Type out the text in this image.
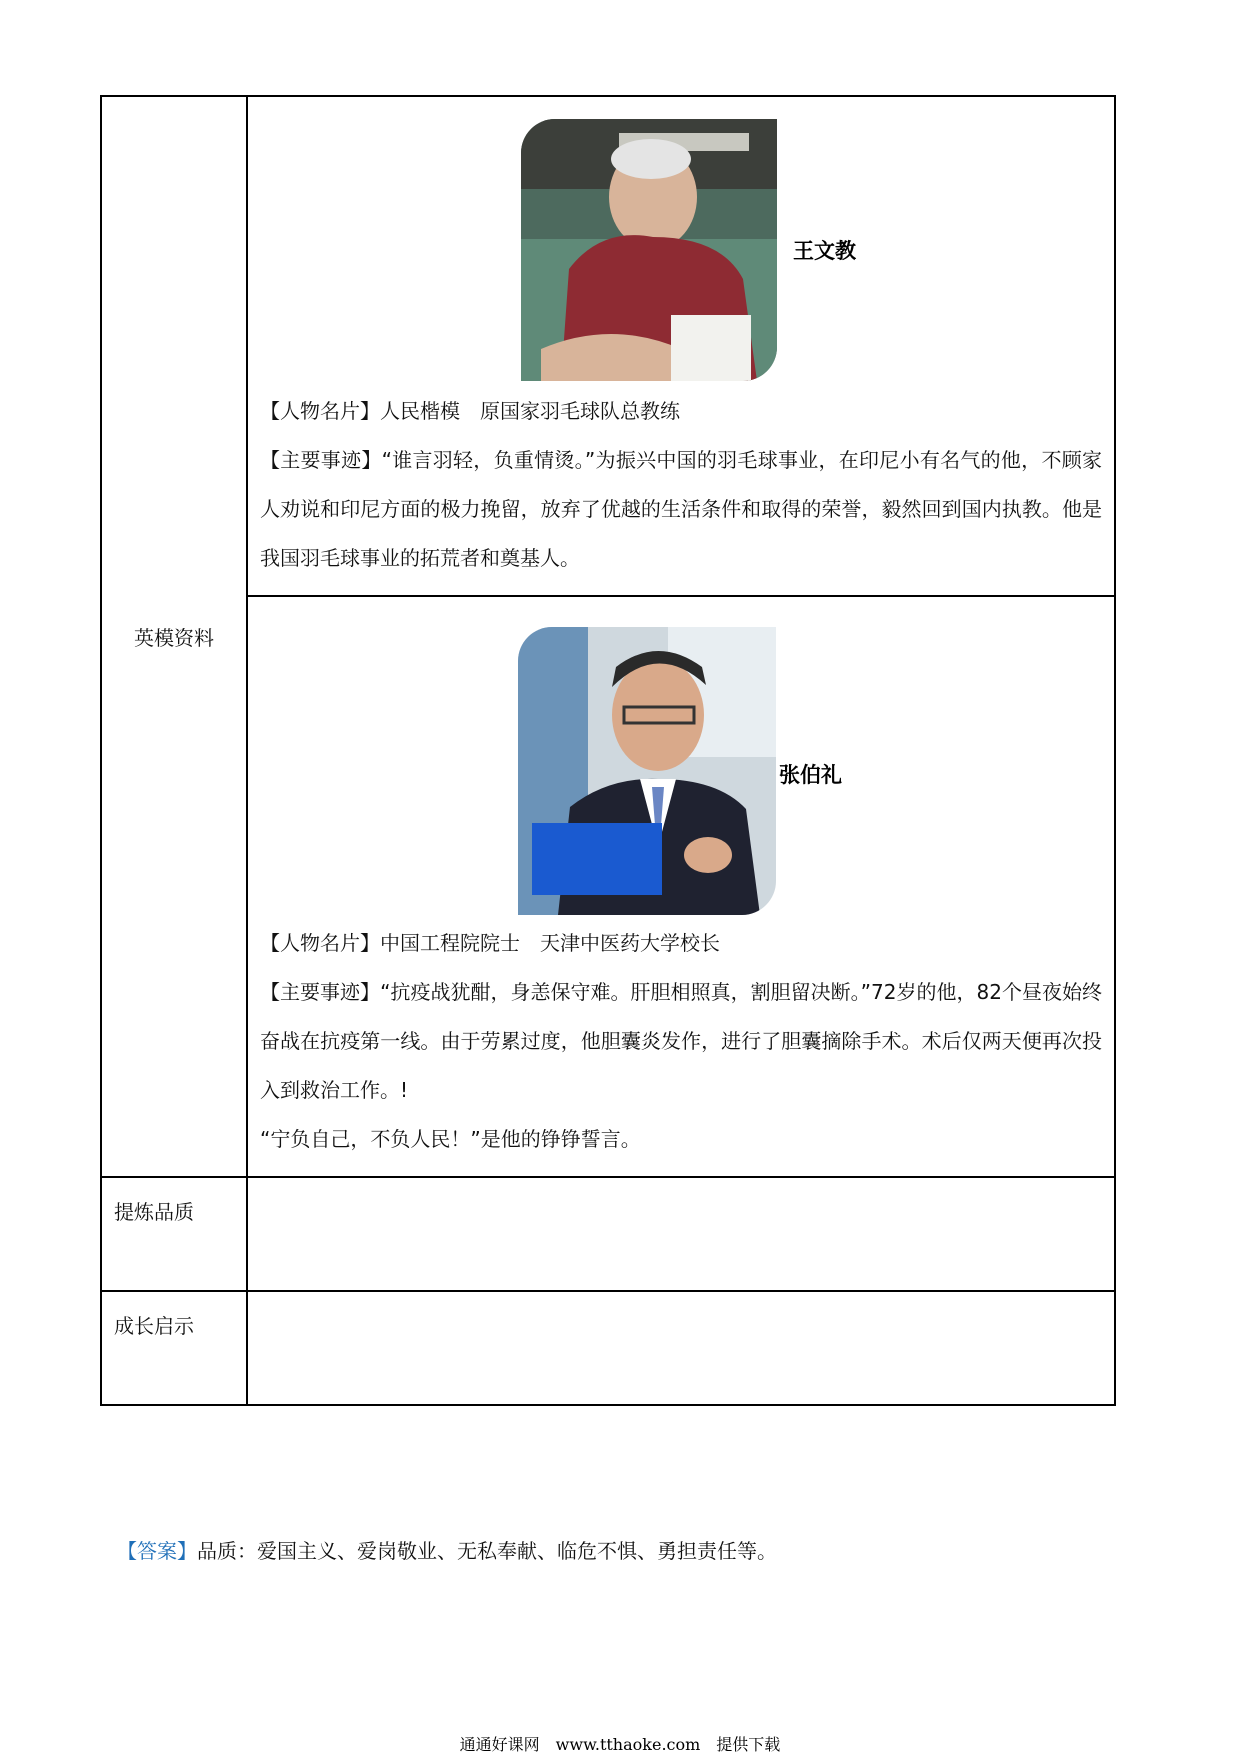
英模资料	王文教

【人物名片】人民楷模　原国家羽毛球队总教练

【主要事迹】“谁言羽轻，负重情烫。”为振兴中国的羽毛球事业，在印尼小有名气的他，不顾家人劝说和印尼方面的极力挽留，放弃了优越的生活条件和取得的荣誉，毅然回到国内执教。他是我国羽毛球事业的拓荒者和奠基人。

	张伯礼

【人物名片】中国工程院院士　天津中医药大学校长

【主要事迹】“抗疫战犹酣，身恙保守难。肝胆相照真，割胆留决断。”72岁的他，82个昼夜始终奋战在抗疫第一线。由于劳累过度，他胆囊炎发作，进行了胆囊摘除手术。术后仅两天便再次投入到救治工作。!

“宁负自己，不负人民！”是他的铮铮誓言。

提炼品质	
成长启示	
【答案】品质：爱国主义、爱岗敬业、无私奉献、临危不惧、勇担责任等。
通通好课网　www.tthaoke.com　提供下载
